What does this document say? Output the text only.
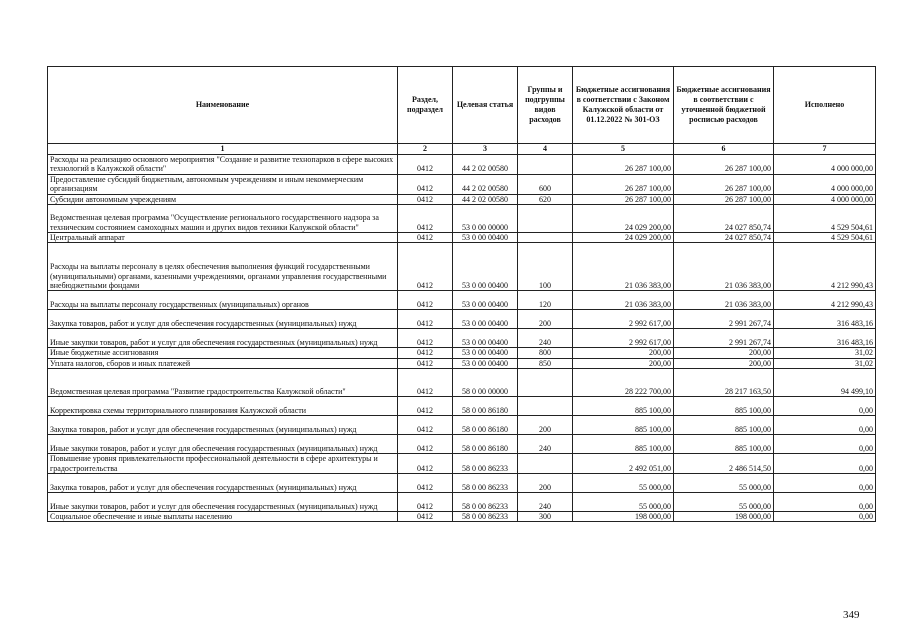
Наименование	Раздел, подраздел	Целевая статья	Группы и подгруппы видов расходов	Бюджетные ассигнования в соответствии с Законом Калужской области от 01.12.2022 № 301-ОЗ	Бюджетные ассигнования в соответствии с уточненной бюджетной росписью расходов	Исполнено
1	2	3	4	5	6	7
Расходы на реализацию основного мероприятия "Создание и развитие технопарков в сфере высоких технологий в Калужской области"	0412	44 2 02 00580		26 287 100,00	26 287 100,00	4 000 000,00
Предоставление субсидий бюджетным, автономным учреждениям и иным некоммерческим организациям	0412	44 2 02 00580	600	26 287 100,00	26 287 100,00	4 000 000,00
Субсидии автономным учреждениям	0412	44 2 02 00580	620	26 287 100,00	26 287 100,00	4 000 000,00
Ведомственная целевая программа "Осуществление регионального государственного надзора за техническим состоянием самоходных машин и других видов техники Калужской области"	0412	53 0 00 00000		24 029 200,00	24 027 850,74	4 529 504,61
Центральный аппарат	0412	53 0 00 00400		24 029 200,00	24 027 850,74	4 529 504,61
Расходы на выплаты персоналу в целях обеспечения выполнения функций государственными (муниципальными) органами, казенными учреждениями, органами управления государственными внебюджетными фондами	0412	53 0 00 00400	100	21 036 383,00	21 036 383,00	4 212 990,43
Расходы на выплаты персоналу государственных (муниципальных) органов	0412	53 0 00 00400	120	21 036 383,00	21 036 383,00	4 212 990,43
Закупка товаров, работ и услуг для обеспечения государственных (муниципальных) нужд	0412	53 0 00 00400	200	2 992 617,00	2 991 267,74	316 483,16
Иные закупки товаров, работ и услуг для обеспечения государственных (муниципальных) нужд	0412	53 0 00 00400	240	2 992 617,00	2 991 267,74	316 483,16
Иные бюджетные ассигнования	0412	53 0 00 00400	800	200,00	200,00	31,02
Уплата налогов, сборов и иных платежей	0412	53 0 00 00400	850	200,00	200,00	31,02
Ведомственная целевая программа "Развитие градостроительства Калужской области"	0412	58 0 00 00000		28 222 700,00	28 217 163,50	94 499,10
Корректировка схемы территориального планирования Калужской области	0412	58 0 00 86180		885 100,00	885 100,00	0,00
Закупка товаров, работ и услуг для обеспечения государственных (муниципальных) нужд	0412	58 0 00 86180	200	885 100,00	885 100,00	0,00
Иные закупки товаров, работ и услуг для обеспечения государственных (муниципальных) нужд	0412	58 0 00 86180	240	885 100,00	885 100,00	0,00
Повышение уровня привлекательности профессиональной деятельности в сфере архитектуры и градостроительства	0412	58 0 00 86233		2 492 051,00	2 486 514,50	0,00
Закупка товаров, работ и услуг для обеспечения государственных (муниципальных) нужд	0412	58 0 00 86233	200	55 000,00	55 000,00	0,00
Иные закупки товаров, работ и услуг для обеспечения государственных (муниципальных) нужд	0412	58 0 00 86233	240	55 000,00	55 000,00	0,00
Социальное обеспечение и иные выплаты населению	0412	58 0 00 86233	300	198 000,00	198 000,00	0,00
349
